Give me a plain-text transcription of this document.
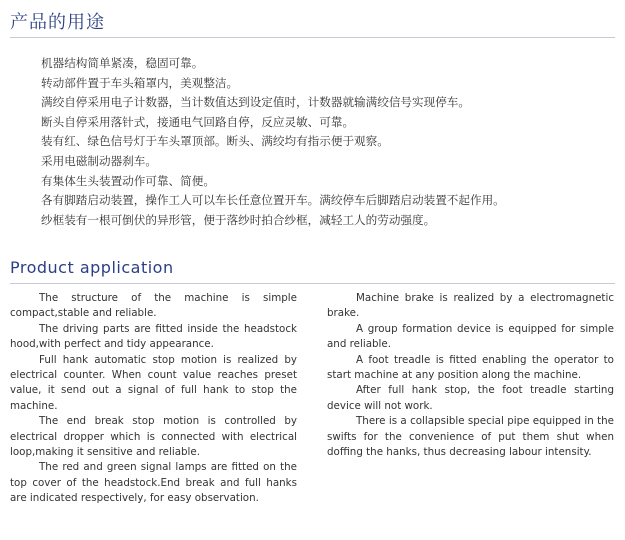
产品的用途
机器结构简单紧凑，稳固可靠。
转动部件置于车头箱罩内，美观整洁。
满绞自停采用电子计数器，当计数值达到设定值时，计数器就输满绞信号实现停车。
断头自停采用落针式，接通电气回路自停，反应灵敏、可靠。
装有红、绿色信号灯于车头罩顶部。断头、满绞均有指示便于观察。
采用电磁制动器刹车。
有集体生头装置动作可靠、简便。
各有脚踏启动装置，操作工人可以车长任意位置开车。满绞停车后脚踏启动装置不起作用。
纱框装有一根可倒伏的异形管，便于落纱时拍合纱框，减轻工人的劳动强度。
Product application

The structure of the machine is simple compact,stable and reliable.

The driving parts are fitted inside the headstock hood,with perfect and tidy appearance.

Full hank automatic stop motion is realized by electrical counter. When count value reaches preset value, it send out a signal of full hank to stop the machine.

The end break stop motion is controlled by electrical dropper which is connected with electrical loop,making it sensitive and reliable.

The red and green signal lamps are fitted on the top cover of the headstock.End break and full hanks are indicated respectively, for easy observation.

Machine brake is realized by a electromagnetic brake.

A group formation device is equipped for simple and reliable.

A foot treadle is fitted enabling the operator to start machine at any position along the machine.

After full hank stop, the foot treadle starting device will not work.

There is a collapsible special pipe equipped in the swifts for the convenience of put them shut when doffing the hanks, thus decreasing labour intensity.
